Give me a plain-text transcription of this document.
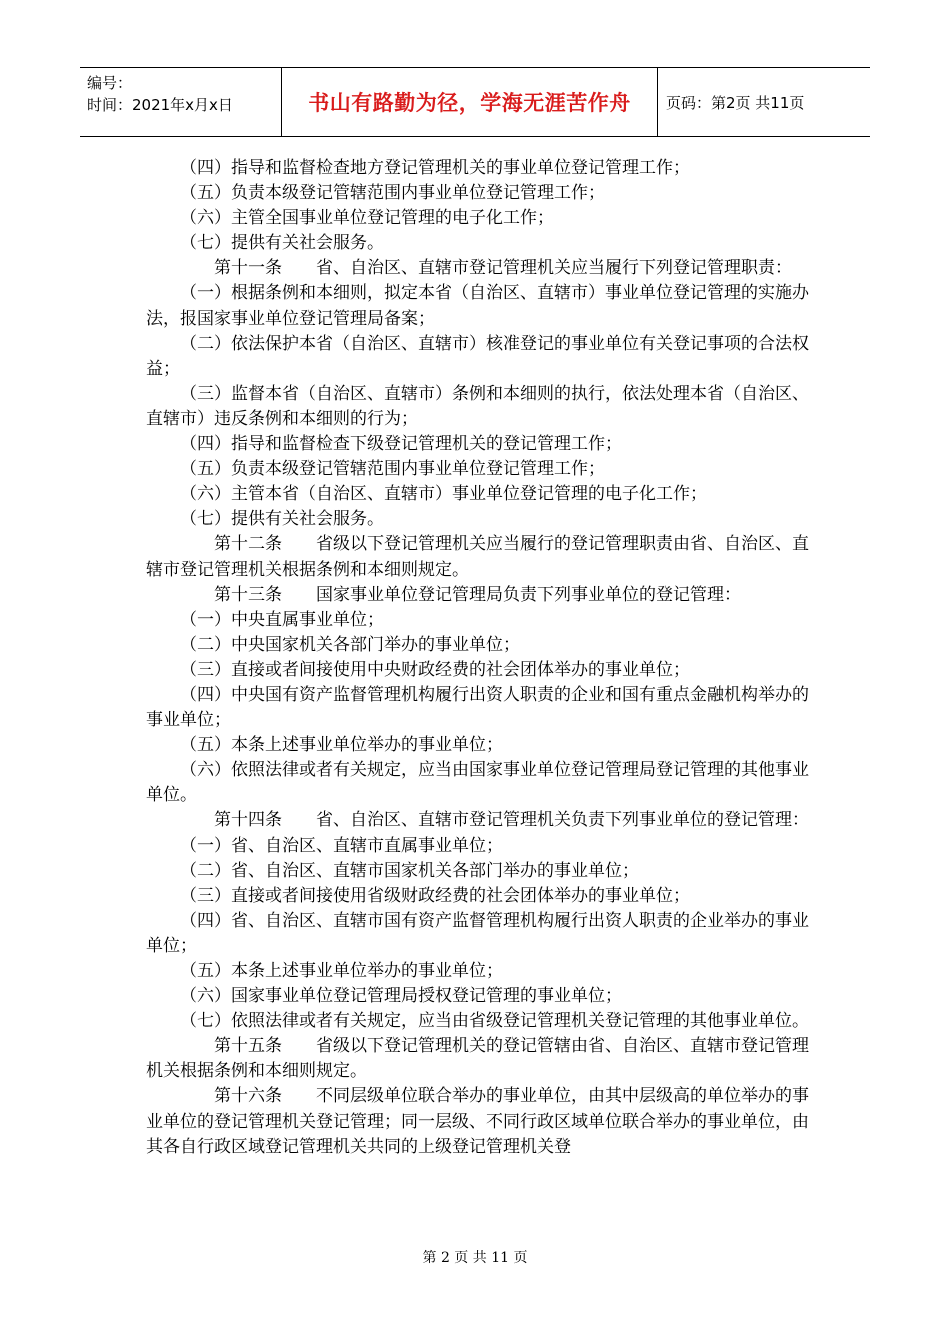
编号：
时间：2021年x月x日	书山有路勤为径，学海无涯苦作舟	页码：第2页 共11页

（四）指导和监督检查地方登记管理机关的事业单位登记管理工作；

（五）负责本级登记管辖范围内事业单位登记管理工作；

（六）主管全国事业单位登记管理的电子化工作；

（七）提供有关社会服务。

第十一条　　省、自治区、直辖市登记管理机关应当履行下列登记管理职责：

（一）根据条例和本细则，拟定本省（自治区、直辖市）事业单位登记管理的实施办法，报国家事业单位登记管理局备案；

（二）依法保护本省（自治区、直辖市）核准登记的事业单位有关登记事项的合法权益；

（三）监督本省（自治区、直辖市）条例和本细则的执行，依法处理本省（自治区、直辖市）违反条例和本细则的行为；

（四）指导和监督检查下级登记管理机关的登记管理工作；

（五）负责本级登记管辖范围内事业单位登记管理工作；

（六）主管本省（自治区、直辖市）事业单位登记管理的电子化工作；

（七）提供有关社会服务。

第十二条　　省级以下登记管理机关应当履行的登记管理职责由省、自治区、直辖市登记管理机关根据条例和本细则规定。

第十三条　　国家事业单位登记管理局负责下列事业单位的登记管理：

（一）中央直属事业单位；

（二）中央国家机关各部门举办的事业单位；

（三）直接或者间接使用中央财政经费的社会团体举办的事业单位；

（四）中央国有资产监督管理机构履行出资人职责的企业和国有重点金融机构举办的事业单位；

（五）本条上述事业单位举办的事业单位；

（六）依照法律或者有关规定，应当由国家事业单位登记管理局登记管理的其他事业单位。

第十四条　　省、自治区、直辖市登记管理机关负责下列事业单位的登记管理：

（一）省、自治区、直辖市直属事业单位；

（二）省、自治区、直辖市国家机关各部门举办的事业单位；

（三）直接或者间接使用省级财政经费的社会团体举办的事业单位；

（四）省、自治区、直辖市国有资产监督管理机构履行出资人职责的企业举办的事业单位；

（五）本条上述事业单位举办的事业单位；

（六）国家事业单位登记管理局授权登记管理的事业单位；

（七）依照法律或者有关规定，应当由省级登记管理机关登记管理的其他事业单位。

第十五条　　省级以下登记管理机关的登记管辖由省、自治区、直辖市登记管理机关根据条例和本细则规定。

第十六条　　不同层级单位联合举办的事业单位，由其中层级高的单位举办的事业单位的登记管理机关登记管理；同一层级、不同行政区域单位联合举办的事业单位，由其各自行政区域登记管理机关共同的上级登记管理机关登

第 2 页 共 11 页
